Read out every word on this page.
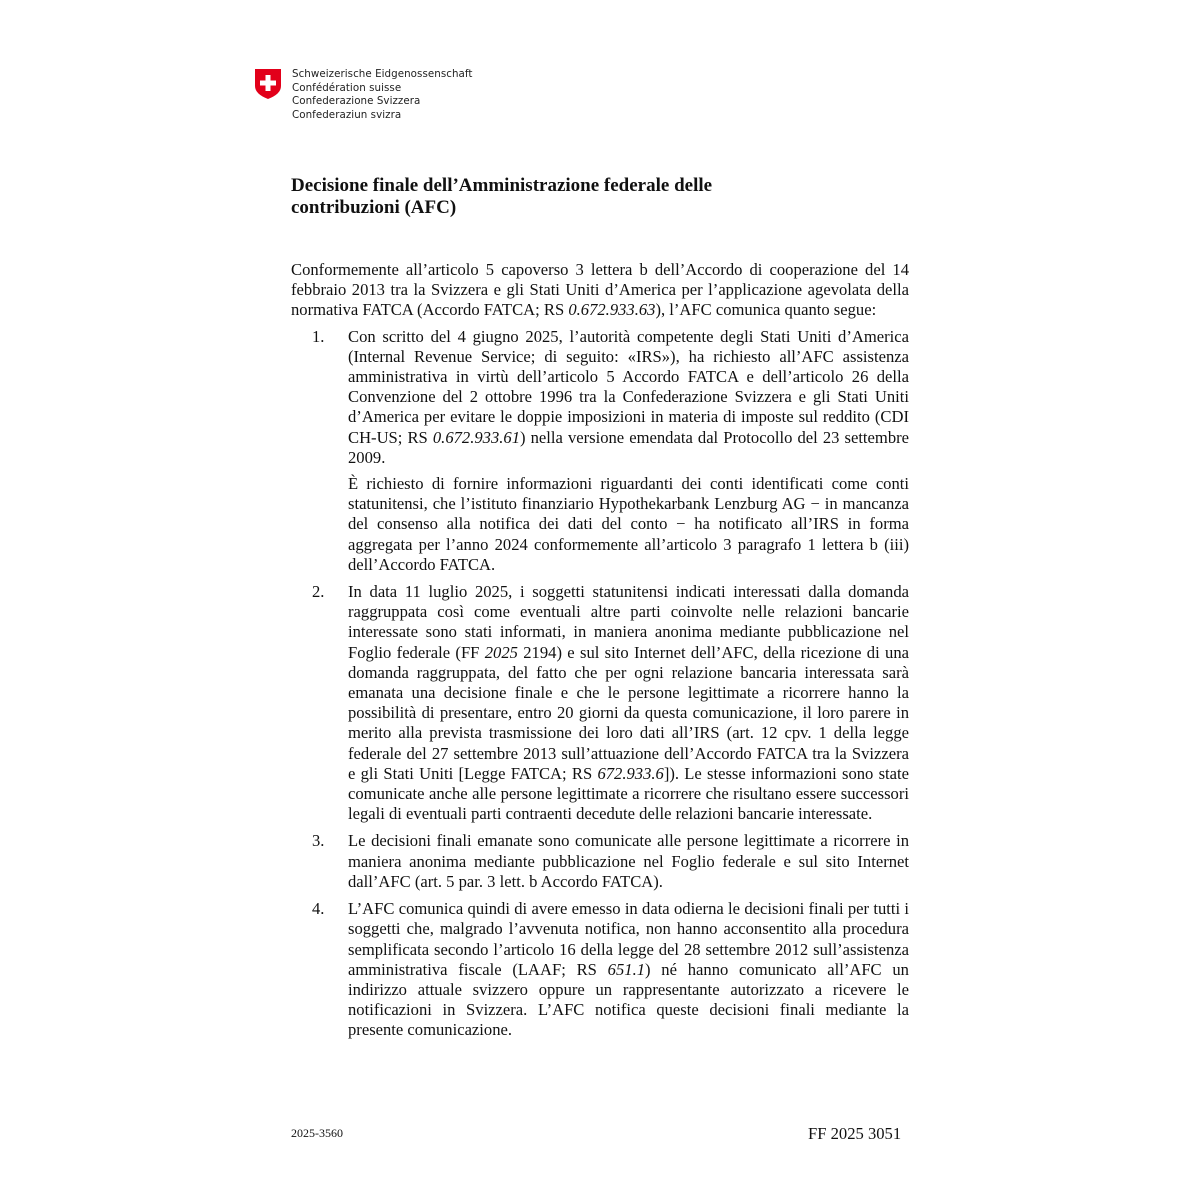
Schweizerische Eidgenossenschaft
Confédération suisse
Confederazione Svizzera
Confederaziun svizra
Decisione finale dell’Amministrazione federale delle
contribuzioni (AFC)

Conformemente all’articolo 5 capoverso 3 lettera b dell’Accordo di cooperazione del 14 febbraio 2013 tra la Svizzera e gli Stati Uniti d’America per l’applicazione agevolata della normativa FATCA (Accordo FATCA; RS 0.672.933.63), l’AFC comunica quanto segue:

1.	Con scritto del 4 giugno 2025, l’autorità competente degli Stati Uniti d’America (Internal Revenue Service; di seguito: «IRS»), ha richiesto all’AFC assistenza amministrativa in virtù dell’articolo 5 Accordo FATCA e dell’articolo 26 della Convenzione del 2 ottobre 1996 tra la Confederazione Svizzera e gli Stati Uniti d’America per evitare le doppie imposizioni in materia di imposte sul reddito (CDI CH-US; RS 0.672.933.61) nella versione emendata dal Protocollo del 23 settembre 2009.

È richiesto di fornire informazioni riguardanti dei conti identificati come conti statunitensi, che l’istituto finanziario Hypothekarbank Lenzburg AG − in mancanza del consenso alla notifica dei dati del conto − ha notificato all’IRS in forma aggregata per l’anno 2024 conformemente all’articolo 3 paragrafo 1 lettera b (iii) dell’Accordo FATCA.

2.	In data 11 luglio 2025, i soggetti statunitensi indicati interessati dalla domanda raggruppata così come eventuali altre parti coinvolte nelle relazioni bancarie interessate sono stati informati, in maniera anonima mediante pubblicazione nel Foglio federale (FF 2025 2194) e sul sito Internet dell’AFC, della ricezione di una domanda raggruppata, del fatto che per ogni relazione bancaria interessata sarà emanata una decisione finale e che le persone legittimate a ricorrere hanno la possibilità di presentare, entro 20 giorni da questa comunicazione, il loro parere in merito alla prevista trasmissione dei loro dati all’IRS (art. 12 cpv. 1 della legge federale del 27 settembre 2013 sull’attuazione dell’Accordo FATCA tra la Svizzera e gli Stati Uniti [Legge FATCA; RS 672.933.6]). Le stesse informazioni sono state comunicate anche alle persone legittimate a ricorrere che risultano essere successori legali di eventuali parti contraenti decedute delle relazioni bancarie interessate.

3.	Le decisioni finali emanate sono comunicate alle persone legittimate a ricorrere in maniera anonima mediante pubblicazione nel Foglio federale e sul sito Internet dall’AFC (art. 5 par. 3 lett. b Accordo FATCA).

4.	L’AFC comunica quindi di avere emesso in data odierna le decisioni finali per tutti i soggetti che, malgrado l’avvenuta notifica, non hanno acconsentito alla procedura semplificata secondo l’articolo 16 della legge del 28 settembre 2012 sull’assistenza amministrativa fiscale (LAAF; RS 651.1) né hanno comunicato all’AFC un indirizzo attuale svizzero oppure un rappresentante autorizzato a ricevere le notificazioni in Svizzera. L’AFC notifica queste decisioni finali mediante la presente comunicazione.

2025-3560	FF 2025 3051
